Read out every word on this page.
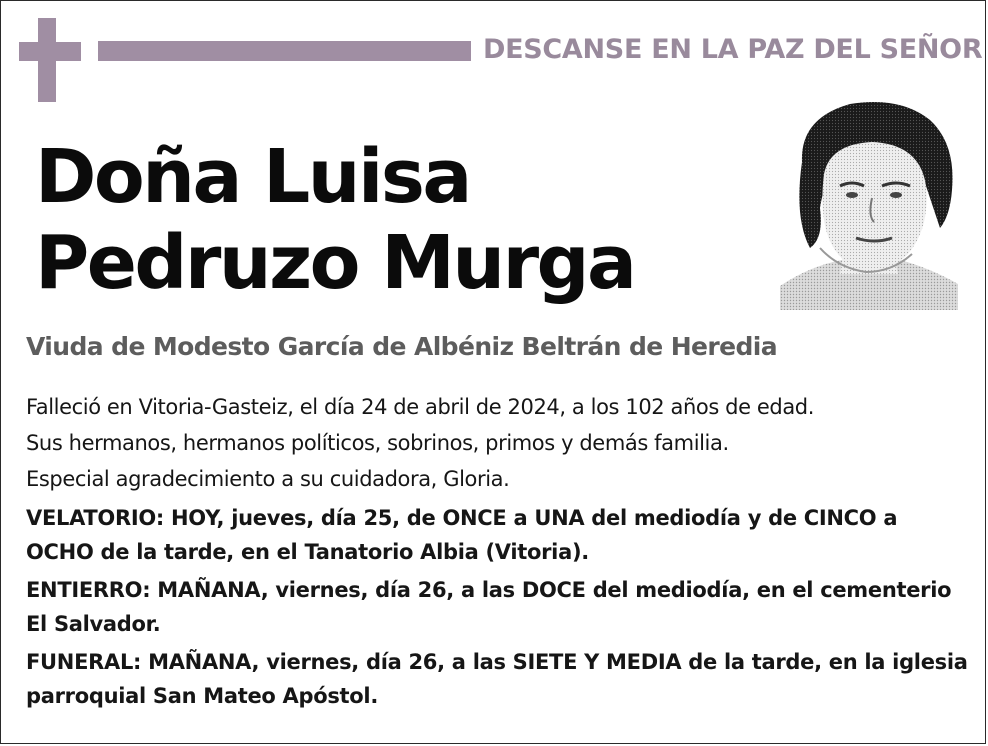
DESCANSE EN LA PAZ DEL SEÑOR
Doña Luisa
Pedruzo Murga
Viuda de Modesto García de Albéniz Beltrán de Heredia

Falleció en Vitoria-Gasteiz, el día 24 de abril de 2024, a los 102 años de edad.

Sus hermanos, hermanos políticos, sobrinos, primos y demás familia.

Especial agradecimiento a su cuidadora, Gloria.

VELATORIO: HOY, jueves, día 25, de ONCE a UNA del mediodía y de CINCO a OCHO de la tarde, en el Tanatorio Albia (Vitoria).

ENTIERRO: MAÑANA, viernes, día 26, a las DOCE del mediodía, en el cementerio El Salvador.

FUNERAL: MAÑANA, viernes, día 26, a las SIETE Y MEDIA de la tarde, en la iglesia parroquial San Mateo Apóstol.
